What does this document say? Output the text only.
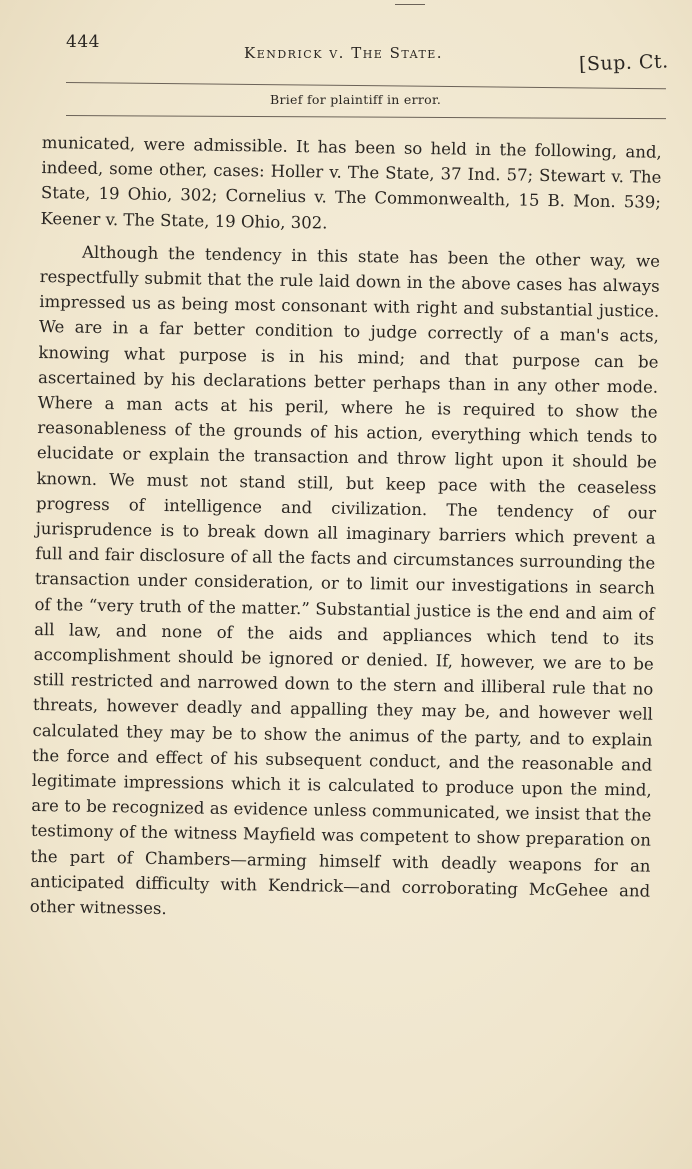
444
Kendrick v. The State.	[Sup. Ct.
Brief for plaintiff in error.

municated, were admissible. It has been so held in the following, and, indeed, some other, cases: Holler v. The State, 37 Ind. 57; Stewart v. The State, 19 Ohio, 302; Cornelius v. The Commonwealth, 15 B. Mon. 539; Keener v. The State, 19 Ohio, 302.

Although the tendency in this state has been the other way, we respectfully submit that the rule laid down in the above cases has always impressed us as being most consonant with right and substantial justice. We are in a far better condition to judge correctly of a man's acts, knowing what purpose is in his mind; and that purpose can be ascertained by his declarations better perhaps than in any other mode. Where a man acts at his peril, where he is required to show the reasonableness of the grounds of his action, everything which tends to elucidate or explain the transaction and throw light upon it should be known. We must not stand still, but keep pace with the ceaseless progress of intelligence and civilization. The tendency of our jurisprudence is to break down all imaginary barriers which prevent a full and fair disclosure of all the facts and circumstances surrounding the transaction under consideration, or to limit our investigations in search of the “very truth of the matter.” Substantial justice is the end and aim of all law, and none of the aids and appliances which tend to its accomplishment should be ignored or denied. If, however, we are to be still restricted and narrowed down to the stern and illiberal rule that no threats, however deadly and appalling they may be, and however well calculated they may be to show the animus of the party, and to explain the force and effect of his subsequent conduct, and the reasonable and legitimate impressions which it is calculated to produce upon the mind, are to be recognized as evidence unless communicated, we insist that the testimony of the witness Mayfield was competent to show preparation on the part of Chambers—arming himself with deadly weapons for an anticipated difficulty with Kendrick—and corroborating McGehee and other witnesses.
